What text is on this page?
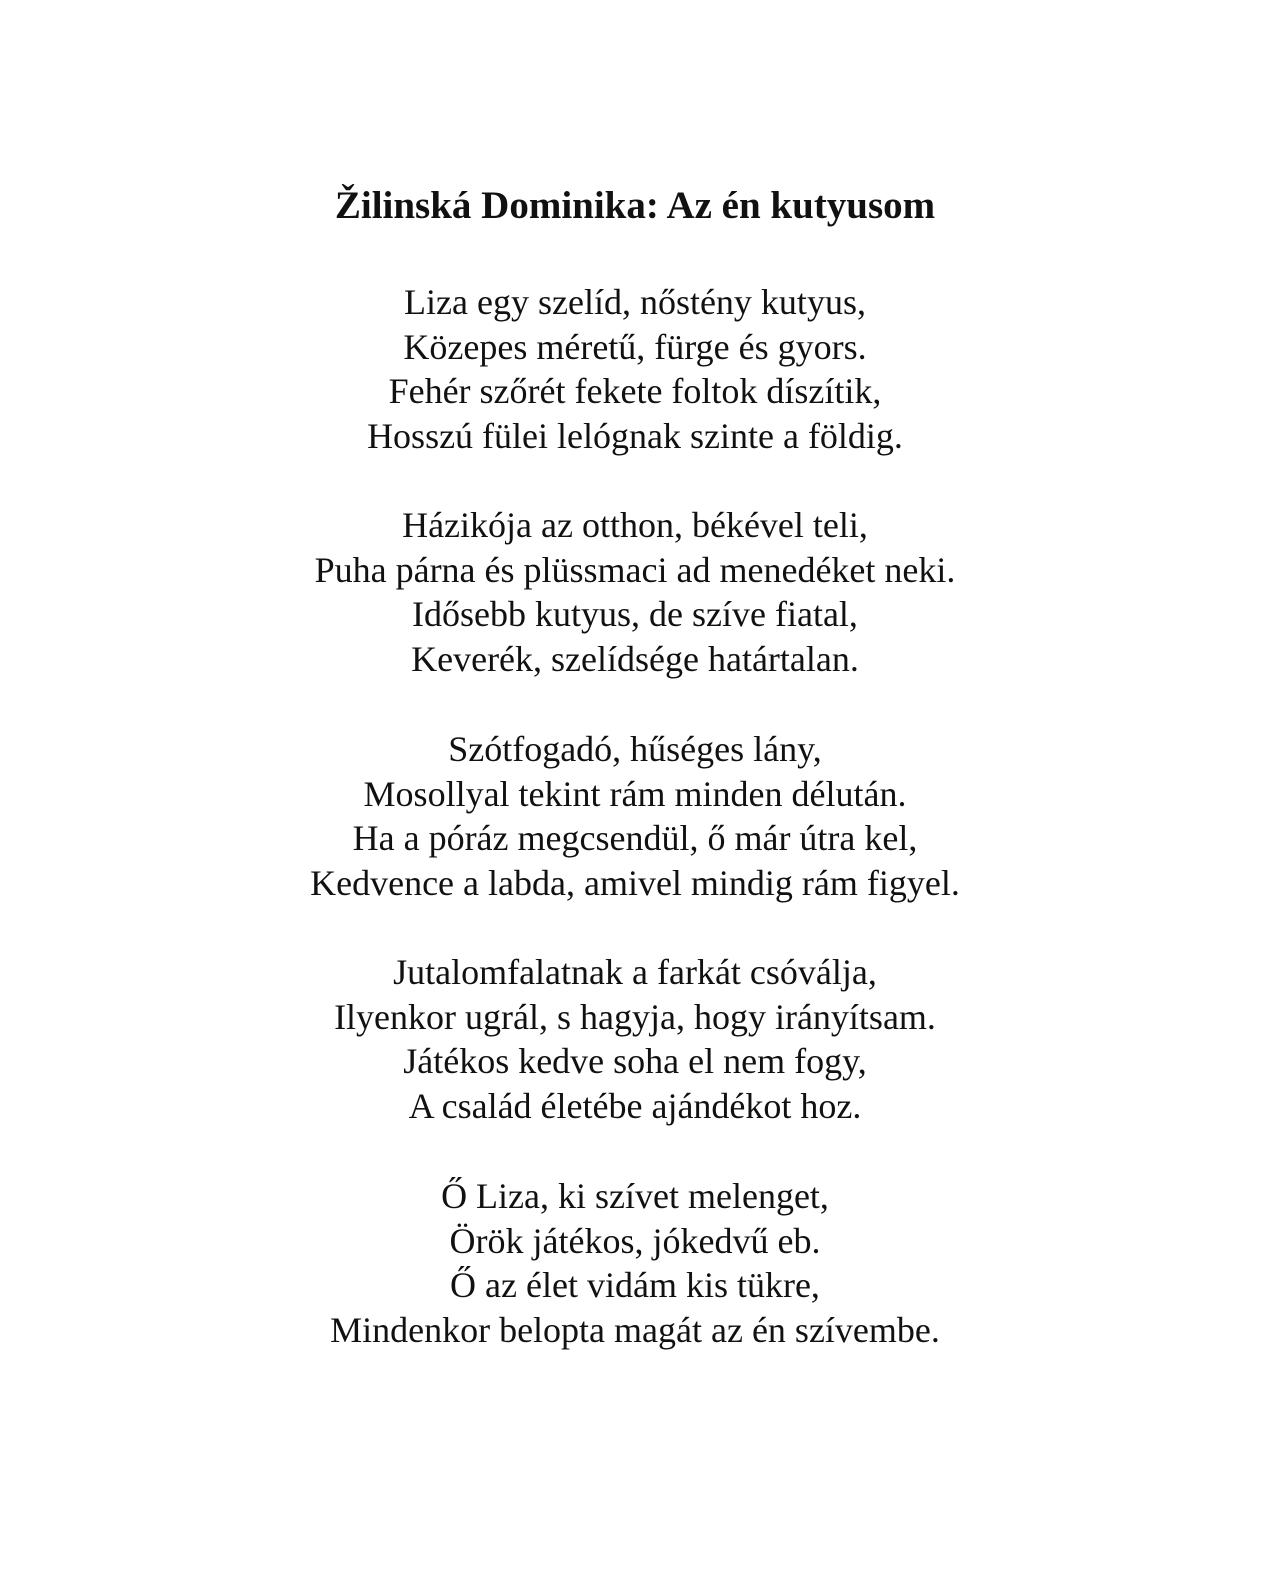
Žilinská Dominika: Az én kutyusom
Liza egy szelíd, nőstény kutyus,
Közepes méretű, fürge és gyors.
Fehér szőrét fekete foltok díszítik,
Hosszú fülei lelógnak szinte a földig.
Házikója az otthon, békével teli,
Puha párna és plüssmaci ad menedéket neki.
Idősebb kutyus, de szíve fiatal,
Keverék, szelídsége határtalan.
Szótfogadó, hűséges lány,
Mosollyal tekint rám minden délután.
Ha a póráz megcsendül, ő már útra kel,
Kedvence a labda, amivel mindig rám figyel.
Jutalomfalatnak a farkát csóválja,
Ilyenkor ugrál, s hagyja, hogy irányítsam.
Játékos kedve soha el nem fogy,
A család életébe ajándékot hoz.
Ő Liza, ki szívet melenget,
Örök játékos, jókedvű eb.
Ő az élet vidám kis tükre,
Mindenkor belopta magát az én szívembe.
